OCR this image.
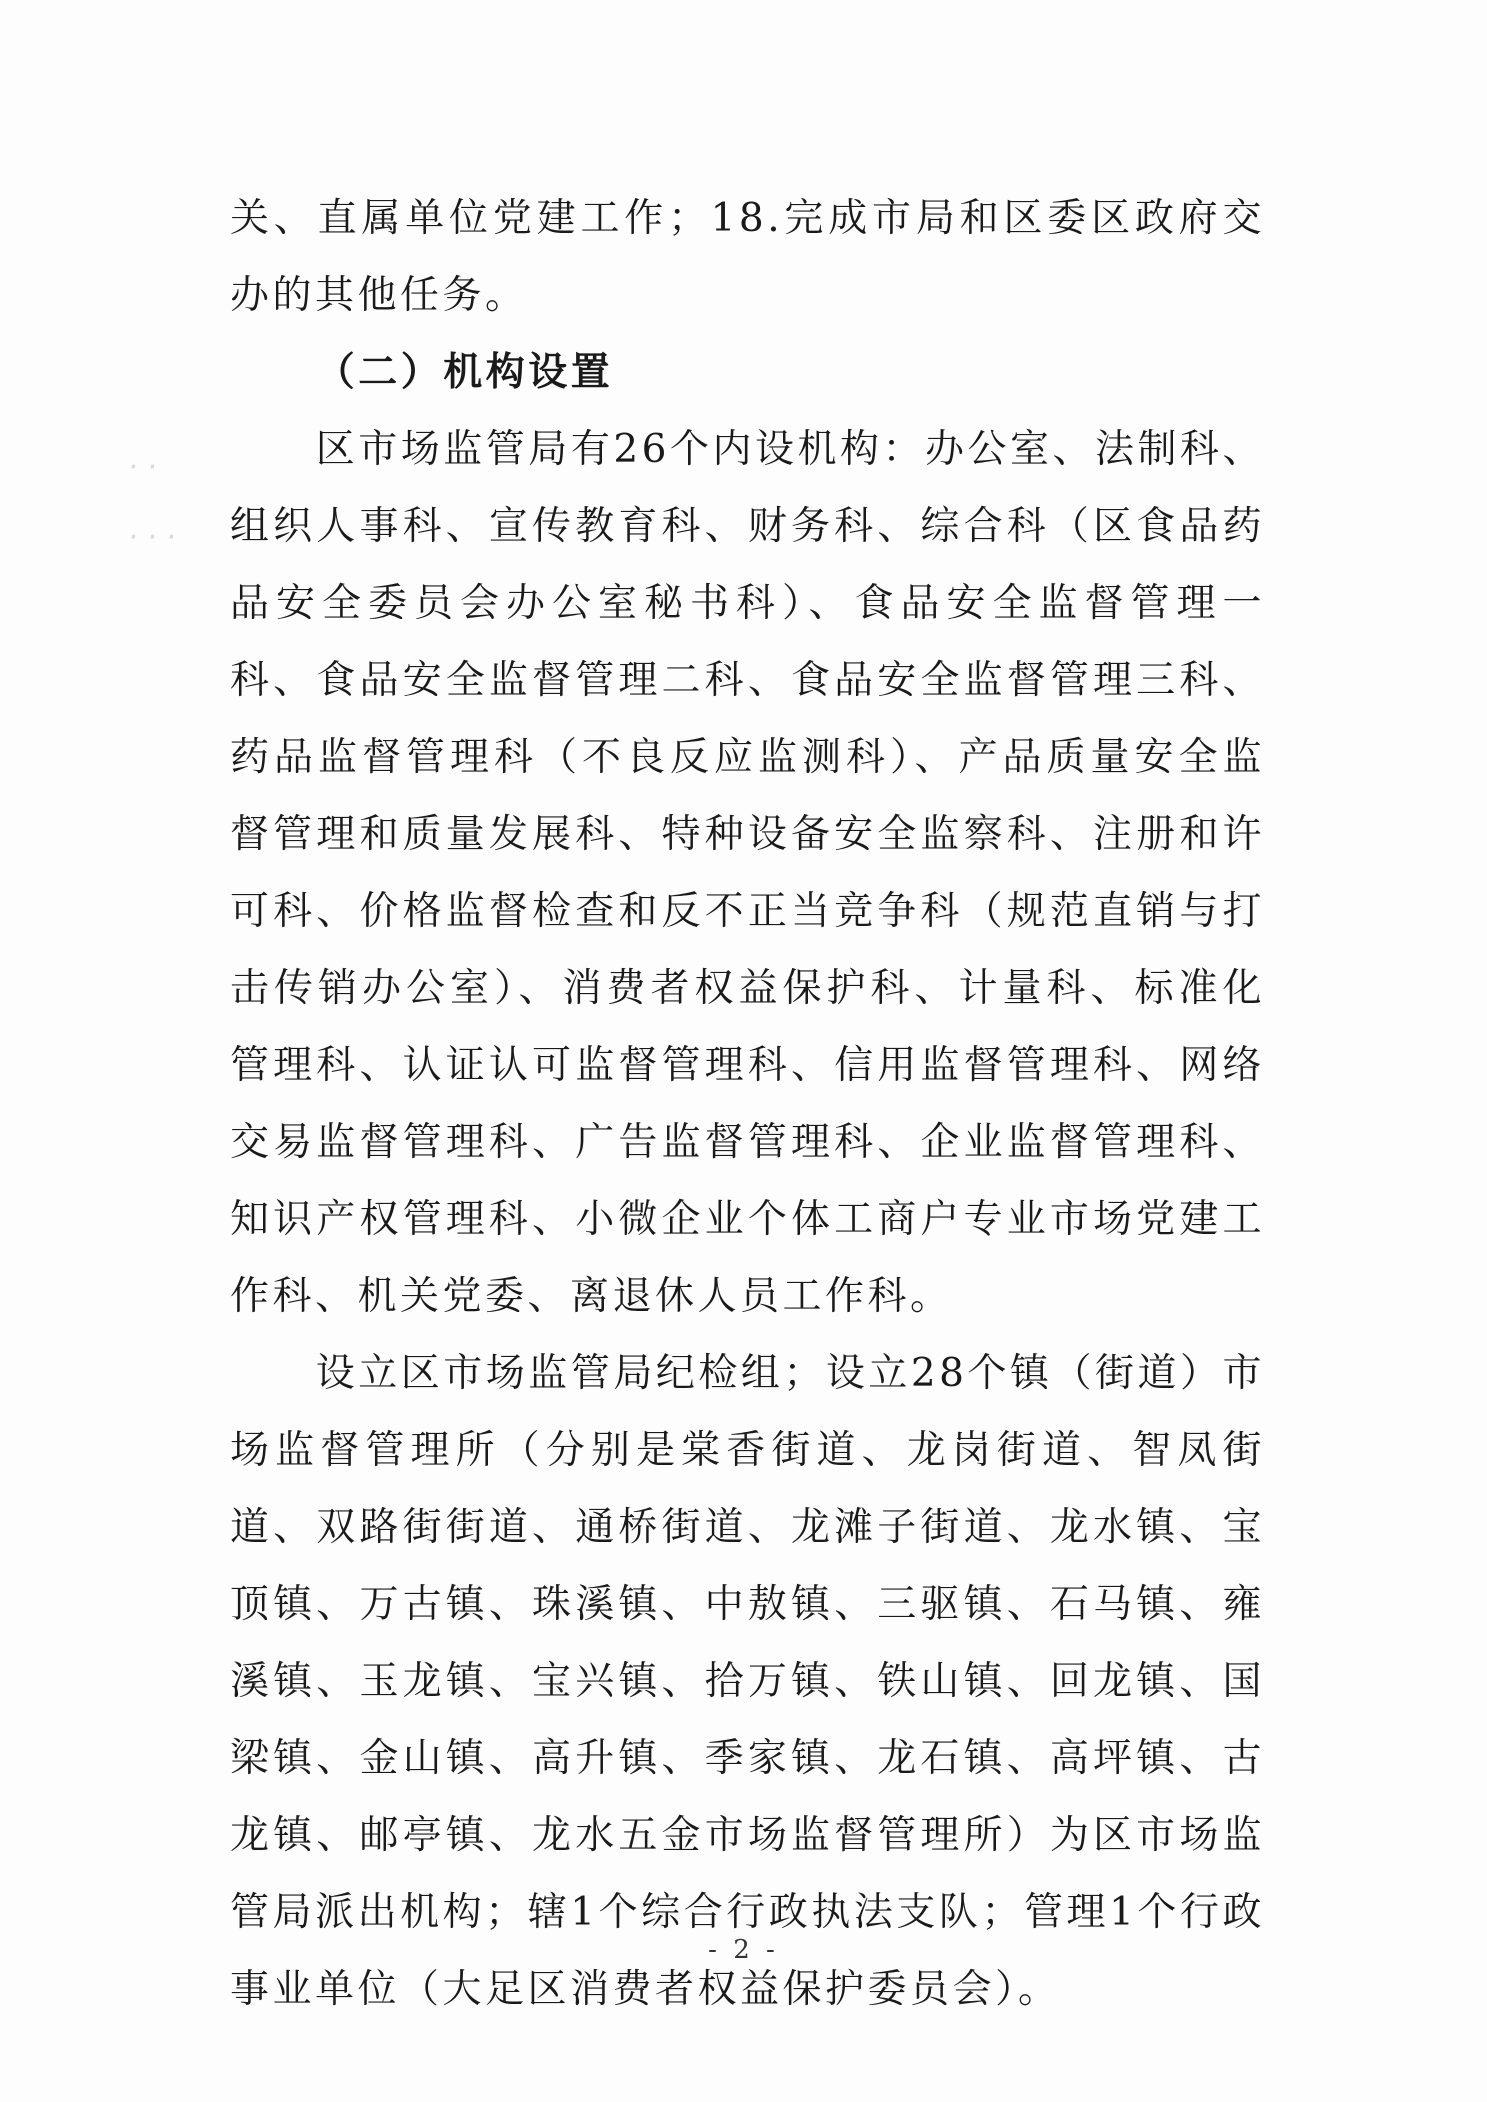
· ·
· · ·

关、直属单位党建工作；18.完成市局和区委区政府交办的其他任务。

（二）机构设置

区市场监管局有26个内设机构：办公室、法制科、组织人事科、宣传教育科、财务科、综合科（区食品药品安全委员会办公室秘书科）、食品安全监督管理一科、食品安全监督管理二科、食品安全监督管理三科、药品监督管理科（不良反应监测科）、产品质量安全监督管理和质量发展科、特种设备安全监察科、注册和许可科、价格监督检查和反不正当竞争科（规范直销与打击传销办公室）、消费者权益保护科、计量科、标准化管理科、认证认可监督管理科、信用监督管理科、网络交易监督管理科、广告监督管理科、企业监督管理科、知识产权管理科、小微企业个体工商户专业市场党建工作科、机关党委、离退休人员工作科。

设立区市场监管局纪检组；设立28个镇（街道）市场监督管理所（分别是棠香街道、龙岗街道、智凤街道、双路街街道、通桥街道、龙滩子街道、龙水镇、宝顶镇、万古镇、珠溪镇、中敖镇、三驱镇、石马镇、雍溪镇、玉龙镇、宝兴镇、拾万镇、铁山镇、回龙镇、国梁镇、金山镇、高升镇、季家镇、龙石镇、高坪镇、古龙镇、邮亭镇、龙水五金市场监督管理所）为区市场监管局派出机构；辖1个综合行政执法支队；管理1个行政事业单位（大足区消费者权益保护委员会）。

- 2 -
